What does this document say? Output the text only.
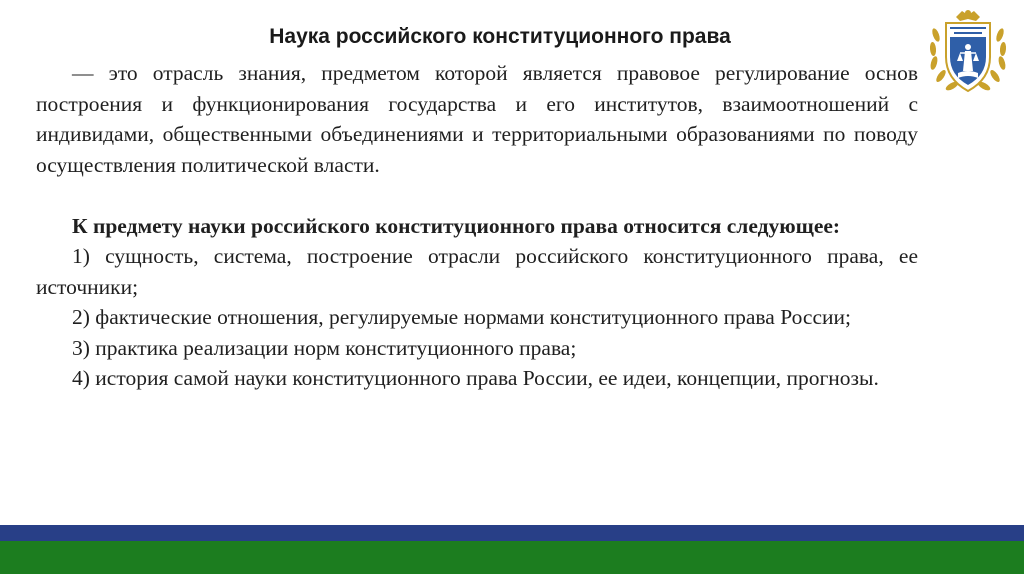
Наука российского конституционного права

— это отрасль знания, предметом которой является правовое регулирование основ построения и функционирования государства и его институтов, взаимоотношений с индивидами, общественными объединениями и территориальными образованиями по поводу осуществления политической власти.

К предмету науки российского конституционного права относится следующее:

1) сущность, система, построение отрасли российского конституционного права, ее источники;

2) фактические отношения, регулируемые нормами конституционного права России;

3) практика реализации норм конституционного права;

4) история самой науки конституционного права России, ее идеи, концепции, прогнозы.
